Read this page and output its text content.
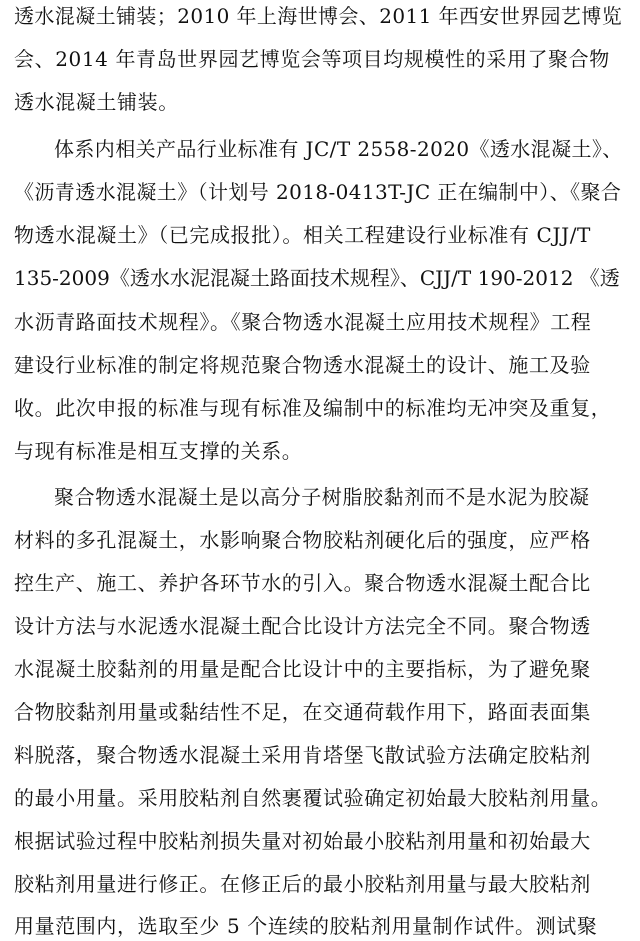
透水混凝土铺装；2010 年上海世博会、2011 年西安世界园艺博览
会、2014 年青岛世界园艺博览会等项目均规模性的采用了聚合物
透水混凝土铺装。
体系内相关产品行业标准有 JC/T 2558-2020《透水混凝土》、
《沥青透水混凝土》（计划号 2018-0413T-JC 正在编制中）、《聚合
物透水混凝土》（已完成报批）。相关工程建设行业标准有 CJJ/T
135-2009《透水水泥混凝土路面技术规程》、CJJ/T 190-2012 《透
水沥青路面技术规程》。《聚合物透水混凝土应用技术规程》工程
建设行业标准的制定将规范聚合物透水混凝土的设计、施工及验
收。此次申报的标准与现有标准及编制中的标准均无冲突及重复，
与现有标准是相互支撑的关系。
聚合物透水混凝土是以高分子树脂胶黏剂而不是水泥为胶凝
材料的多孔混凝土，水影响聚合物胶粘剂硬化后的强度，应严格
控生产、施工、养护各环节水的引入。聚合物透水混凝土配合比
设计方法与水泥透水混凝土配合比设计方法完全不同。聚合物透
水混凝土胶黏剂的用量是配合比设计中的主要指标，为了避免聚
合物胶黏剂用量或黏结性不足，在交通荷载作用下，路面表面集
料脱落，聚合物透水混凝土采用肯塔堡飞散试验方法确定胶粘剂
的最小用量。采用胶粘剂自然裹覆试验确定初始最大胶粘剂用量。
根据试验过程中胶粘剂损失量对初始最小胶粘剂用量和初始最大
胶粘剂用量进行修正。在修正后的最小胶粘剂用量与最大胶粘剂
用量范围内，选取至少 5 个连续的胶粘剂用量制作试件。测试聚
